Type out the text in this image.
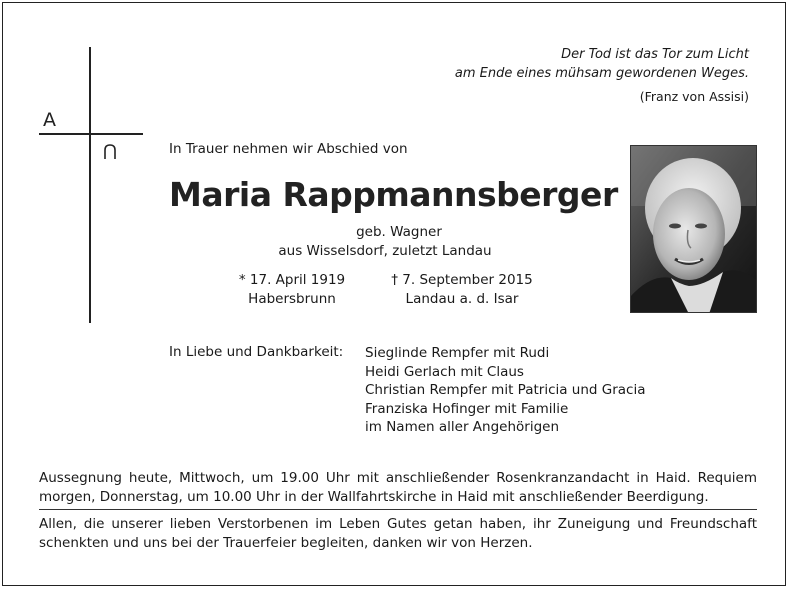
A
Der Tod ist das Tor zum Licht
am Ende eines mühsam gewordenen Weges.
(Franz von Assisi)
In Trauer nehmen wir Abschied von
Maria Rappmannsberger
geb. Wagner
aus Wisselsdorf, zuletzt Landau
* 17. April 1919
Habersbrunn
† 7. September 2015
Landau a. d. Isar
In Liebe und Dankbarkeit: Sieglinde Rempfer mit Rudi
Heidi Gerlach mit Claus
Christian Rempfer mit Patricia und Gracia
Franziska Hofinger mit Familie
im Namen aller Angehörigen
Aussegnung heute, Mittwoch, um 19.00 Uhr mit anschließender Rosenkranzandacht in Haid. Requiem morgen, Donnerstag, um 10.00 Uhr in der Wallfahrtskirche in Haid mit anschließender Beerdigung.
Allen, die unserer lieben Verstorbenen im Leben Gutes getan haben, ihr Zuneigung und Freundschaft schenkten und uns bei der Trauerfeier begleiten, danken wir von Herzen.
